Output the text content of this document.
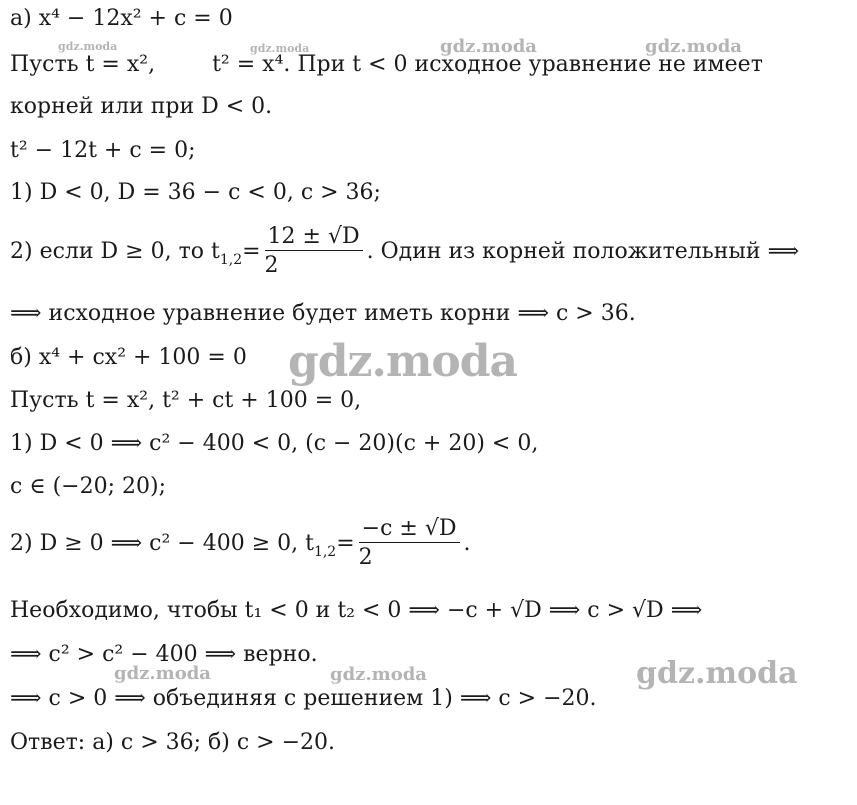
а) x⁴ − 12x² + c = 0
Пусть t = x²,	t² = x⁴. При t < 0 исходное уравнение не имеет
корней или при D < 0.
t² − 12t + c = 0;
1) D < 0, D = 36 − c < 0, c > 36;
2) если D ≥ 0, то t $1,2 = \frac{12 \pm √D}{2}$ . Один из корней положительный ⟹
⟹ исходное уравнение будет иметь корни ⟹ c > 36.
б) x⁴ + cx² + 100 = 0
Пусть t = x², t² + ct + 100 = 0,
1) D < 0 ⟹ c² − 400 < 0, (c − 20)(c + 20) < 0,
c ∈ (−20; 20);
2) D ≥ 0 ⟹ c² − 400 ≥ 0, t $1,2 = \frac{-c \pm √D}{2}$ .
Необходимо, чтобы t₁ < 0 и t₂ < 0 ⟹ −c + √D ⟹ c > √D ⟹
⟹ c² > c² − 400 ⟹ верно.
⟹ c > 0 ⟹ объединяя с решением 1) ⟹ c > −20.
Ответ: а) c > 36; б) c > −20.
gdz.moda	gdz.moda	gdz.moda	gdz.moda
gdz.moda
gdz.moda	gdz.moda	gdz.moda
